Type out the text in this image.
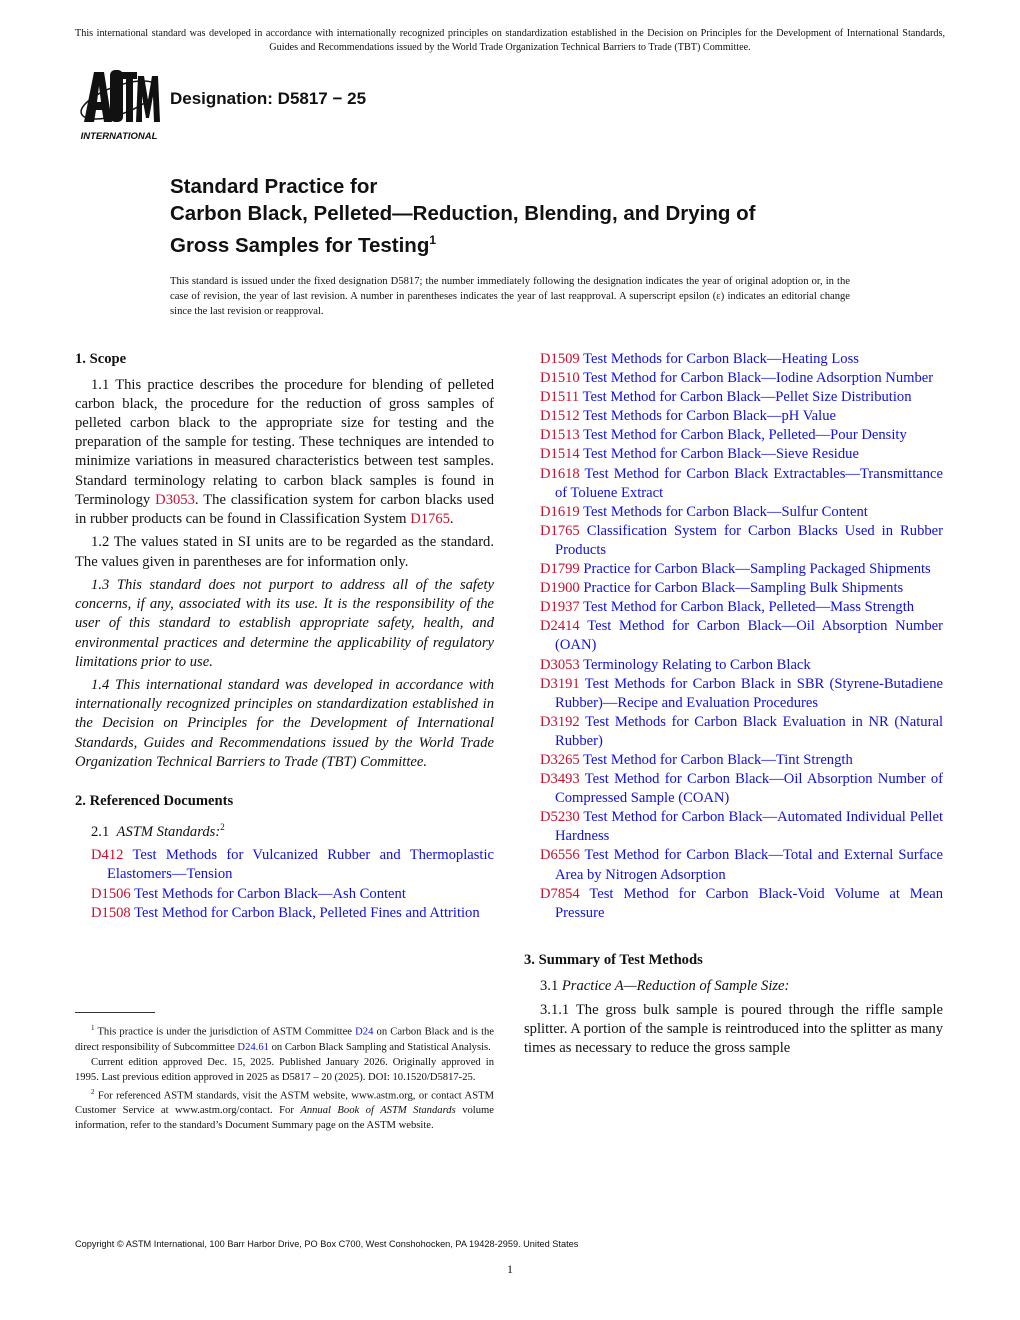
This international standard was developed in accordance with internationally recognized principles on standardization established in the Decision on Principles for the Development of International Standards, Guides and Recommendations issued by the World Trade Organization Technical Barriers to Trade (TBT) Committee.
INTERNATIONAL
Designation: D5817 − 25
Standard Practice for
Carbon Black, Pelleted—Reduction, Blending, and Drying of
Gross Samples for Testing$^1$
This standard is issued under the fixed designation D5817; the number immediately following the designation indicates the year of original adoption or, in the case of revision, the year of last revision. A number in parentheses indicates the year of last reapproval. A superscript epsilon (ε) indicates an editorial change since the last revision or reapproval.
1. Scope

1.1 This practice describes the procedure for blending of pelleted carbon black, the procedure for the reduction of gross samples of pelleted carbon black to the appropriate size for testing and the preparation of the sample for testing. These techniques are intended to minimize variations in measured characteristics between test samples. Standard terminology relating to carbon black samples is found in Terminology D3053. The classification system for carbon blacks used in rubber products can be found in Classification System D1765.

1.2 The values stated in SI units are to be regarded as the standard. The values given in parentheses are for information only.

1.3 This standard does not purport to address all of the safety concerns, if any, associated with its use. It is the responsibility of the user of this standard to establish appropriate safety, health, and environmental practices and determine the applicability of regulatory limitations prior to use.

1.4 This international standard was developed in accordance with internationally recognized principles on standardization established in the Decision on Principles for the Development of International Standards, Guides and Recommendations issued by the World Trade Organization Technical Barriers to Trade (TBT) Committee.

2. Referenced Documents

2.1 ASTM Standards:$^2$

D412 Test Methods for Vulcanized Rubber and Thermoplastic Elastomers—Tension

D1506 Test Methods for Carbon Black—Ash Content

D1508 Test Method for Carbon Black, Pelleted Fines and Attrition

D1509 Test Methods for Carbon Black—Heating Loss

D1510 Test Method for Carbon Black—Iodine Adsorption Number

D1511 Test Method for Carbon Black—Pellet Size Distribution

D1512 Test Methods for Carbon Black—pH Value

D1513 Test Method for Carbon Black, Pelleted—Pour Density

D1514 Test Method for Carbon Black—Sieve Residue

D1618 Test Method for Carbon Black Extractables—Transmittance of Toluene Extract

D1619 Test Methods for Carbon Black—Sulfur Content

D1765 Classification System for Carbon Blacks Used in Rubber Products

D1799 Practice for Carbon Black—Sampling Packaged Shipments

D1900 Practice for Carbon Black—Sampling Bulk Shipments

D1937 Test Method for Carbon Black, Pelleted—Mass Strength

D2414 Test Method for Carbon Black—Oil Absorption Number (OAN)

D3053 Terminology Relating to Carbon Black

D3191 Test Methods for Carbon Black in SBR (Styrene-Butadiene Rubber)—Recipe and Evaluation Procedures

D3192 Test Methods for Carbon Black Evaluation in NR (Natural Rubber)

D3265 Test Method for Carbon Black—Tint Strength

D3493 Test Method for Carbon Black—Oil Absorption Number of Compressed Sample (COAN)

D5230 Test Method for Carbon Black—Automated Individual Pellet Hardness

D6556 Test Method for Carbon Black—Total and External Surface Area by Nitrogen Adsorption

D7854 Test Method for Carbon Black-Void Volume at Mean Pressure

3. Summary of Test Methods

3.1 Practice A—Reduction of Sample Size:

3.1.1 The gross bulk sample is poured through the riffle sample splitter. A portion of the sample is reintroduced into the splitter as many times as necessary to reduce the gross sample

$^1$ This practice is under the jurisdiction of ASTM Committee D24 on Carbon Black and is the direct responsibility of Subcommittee D24.61 on Carbon Black Sampling and Statistical Analysis.

Current edition approved Dec. 15, 2025. Published January 2026. Originally approved in 1995. Last previous edition approved in 2025 as D5817 – 20 (2025). DOI: 10.1520/D5817-25.

$^2$ For referenced ASTM standards, visit the ASTM website, www.astm.org, or contact ASTM Customer Service at www.astm.org/contact. For Annual Book of ASTM Standards volume information, refer to the standard’s Document Summary page on the ASTM website.

Copyright © ASTM International, 100 Barr Harbor Drive, PO Box C700, West Conshohocken, PA 19428-2959. United States
1
